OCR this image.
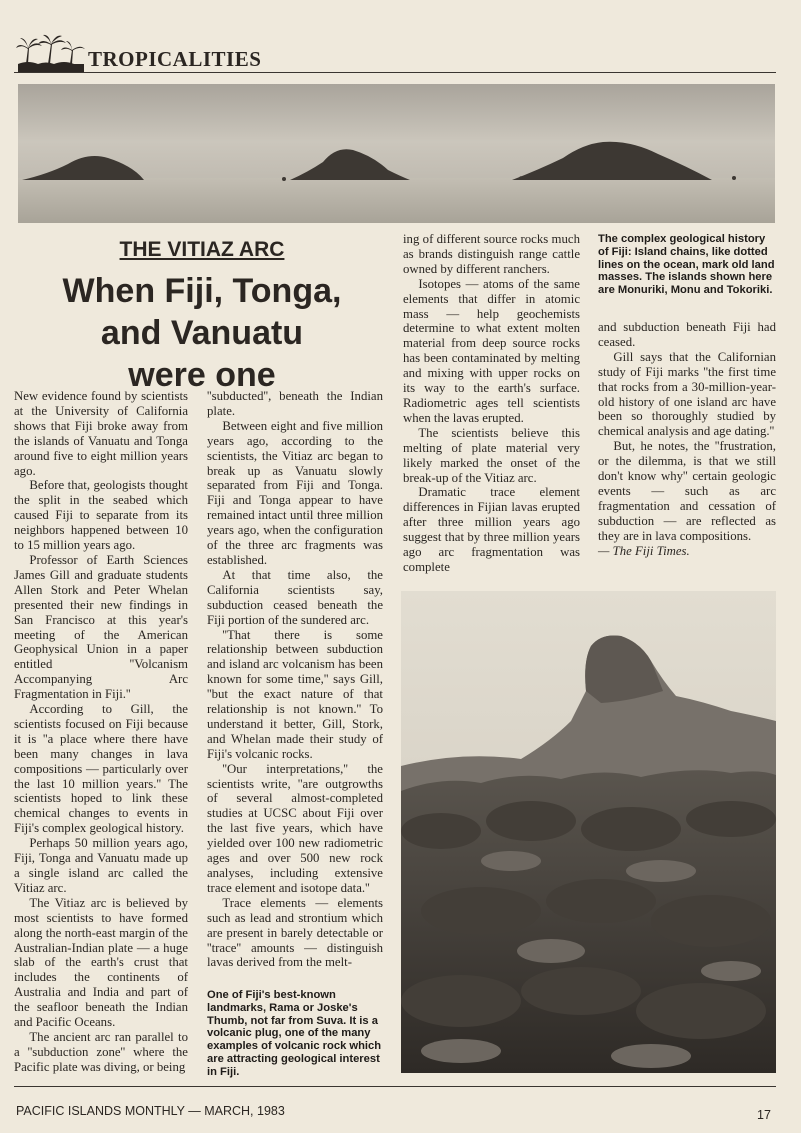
TROPICALITIES
THE VITIAZ ARC
When Fiji, Tonga,
and Vanuatu
were one

New evidence found by scientists at the University of California shows that Fiji broke away from the islands of Vanuatu and Tonga around five to eight million years ago.

Before that, geologists thought the split in the seabed which caused Fiji to separate from its neighbors happened between 10 to 15 million years ago.

Professor of Earth Sciences James Gill and graduate students Allen Stork and Peter Whelan presented their new findings in San Francisco at this year's meeting of the American Geophysical Union in a paper entitled ''Volcanism Accompanying Arc Fragmentation in Fiji.''

According to Gill, the scientists focused on Fiji because it is ''a place where there have been many changes in lava compositions — particularly over the last 10 million years.'' The scientists hoped to link these chemical changes to events in Fiji's complex geological history.

Perhaps 50 million years ago, Fiji, Tonga and Vanuatu made up a single island arc called the Vitiaz arc.

The Vitiaz arc is believed by most scientists to have formed along the north-east margin of the Australian-Indian plate — a huge slab of the earth's crust that includes the continents of Australia and India and part of the seafloor beneath the Indian and Pacific Oceans.

The ancient arc ran parallel to a ''subduction zone'' where the Pacific plate was diving, or being

''subducted'', beneath the Indian plate.

Between eight and five million years ago, according to the scientists, the Vitiaz arc began to break up as Vanuatu slowly separated from Fiji and Tonga. Fiji and Tonga appear to have remained intact until three million years ago, when the configuration of the three arc fragments was established.

At that time also, the California scientists say, subduction ceased beneath the Fiji portion of the sundered arc.

''That there is some relationship between subduction and island arc volcanism has been known for some time,'' says Gill, ''but the exact nature of that relationship is not known.'' To understand it better, Gill, Stork, and Whelan made their study of Fiji's volcanic rocks.

''Our interpretations,'' the scientists write, ''are outgrowths of several almost-completed studies at UCSC about Fiji over the last five years, which have yielded over 100 new radiometric ages and over 500 new rock analyses, including extensive trace element and isotope data.''

Trace elements — elements such as lead and strontium which are present in barely detectable or ''trace'' amounts — distinguish lavas derived from the melt-

One of Fiji's best-known landmarks, Rama or Joske's Thumb, not far from Suva. It is a volcanic plug, one of the many examples of volcanic rock which are attracting geological interest in Fiji.

ing of different source rocks much as brands distinguish range cattle owned by different ranchers.

Isotopes — atoms of the same elements that differ in atomic mass — help geochemists determine to what extent molten material from deep source rocks has been contaminated by melting and mixing with upper rocks on its way to the earth's surface. Radiometric ages tell scientists when the lavas erupted.

The scientists believe this melting of plate material very likely marked the onset of the break-up of the Vitiaz arc.

Dramatic trace element differences in Fijian lavas erupted after three million years ago suggest that by three million years ago arc fragmentation was complete

The complex geological history of Fiji: Island chains, like dotted lines on the ocean, mark old land masses. The islands shown here are Monuriki, Monu and Tokoriki.

and subduction beneath Fiji had ceased.

Gill says that the Californian study of Fiji marks ''the first time that rocks from a 30-million-year-old history of one island arc have been so thoroughly studied by chemical analysis and age dating.''

But, he notes, the ''frustration, or the dilemma, is that we still don't know why'' certain geologic events — such as arc fragmentation and cessation of subduction — are reflected as they are in lava compositions.

— The Fiji Times.

PACIFIC ISLANDS MONTHLY — MARCH, 1983	17
